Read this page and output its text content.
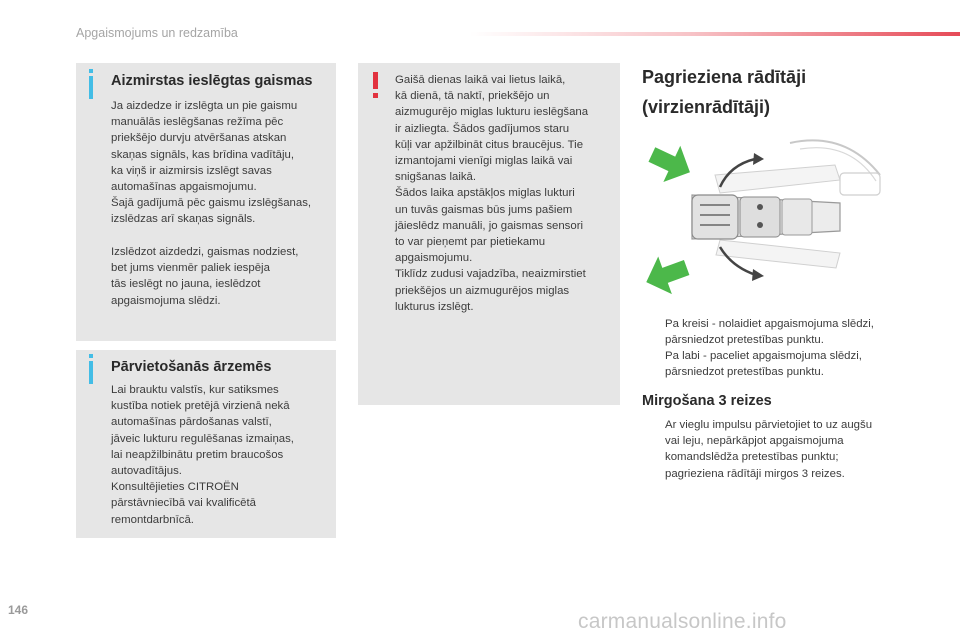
Apgaismojums un redzamība
Aizmirstas ieslēgtas gaismas
Ja aizdedze ir izslēgta un pie gaismu
manuālās ieslēgšanas režīma pēc
priekšējo durvju atvēršanas atskan
skaņas signāls, kas brīdina vadītāju,
ka viņš ir aizmirsis izslēgt savas
automašīnas apgaismojumu.
Šajā gadījumā pēc gaismu izslēgšanas,
izslēdzas arī skaņas signāls.
Izslēdzot aizdedzi, gaismas nodziest,
bet jums vienmēr paliek iespēja
tās ieslēgt no jauna, ieslēdzot
apgaismojuma slēdzi.
Pārvietošanās ārzemēs
Lai brauktu valstīs, kur satiksmes
kustība notiek pretējā virzienā nekā
automašīnas pārdošanas valstī,
jāveic lukturu regulēšanas izmaiņas,
lai neapžilbinātu pretim braucošos
autovadītājus.
Konsultējieties CITROËN
pārstāvniecībā vai kvalificētā
remontdarbnīcā.
Gaišā dienas laikā vai lietus laikā,
kā dienā, tā naktī, priekšējo un
aizmugurējo miglas lukturu ieslēgšana
ir aizliegta. Šādos gadījumos staru
kūļi var apžilbināt citus braucējus. Tie
izmantojami vienīgi miglas laikā vai
snigšanas laikā.
Šādos laika apstākļos miglas lukturi
un tuvās gaismas būs jums pašiem
jāieslēdz manuāli, jo gaismas sensori
to var pieņemt par pietiekamu
apgaismojumu.
Tiklīdz zudusi vajadzība, neaizmirstiet
priekšējos un aizmugurējos miglas
lukturus izslēgt.
Pagrieziena rādītāji
(virzienrādītāji)
Pa kreisi - nolaidiet apgaismojuma slēdzi,
pārsniedzot pretestības punktu.
Pa labi - paceliet apgaismojuma slēdzi,
pārsniedzot pretestības punktu.
Mirgošana 3 reizes
Ar vieglu impulsu pārvietojiet to uz augšu
vai leju, nepārkāpjot apgaismojuma
komandslēdža pretestības punktu;
pagrieziena rādītāji mirgos 3 reizes.
146	carmanualsonline.info
